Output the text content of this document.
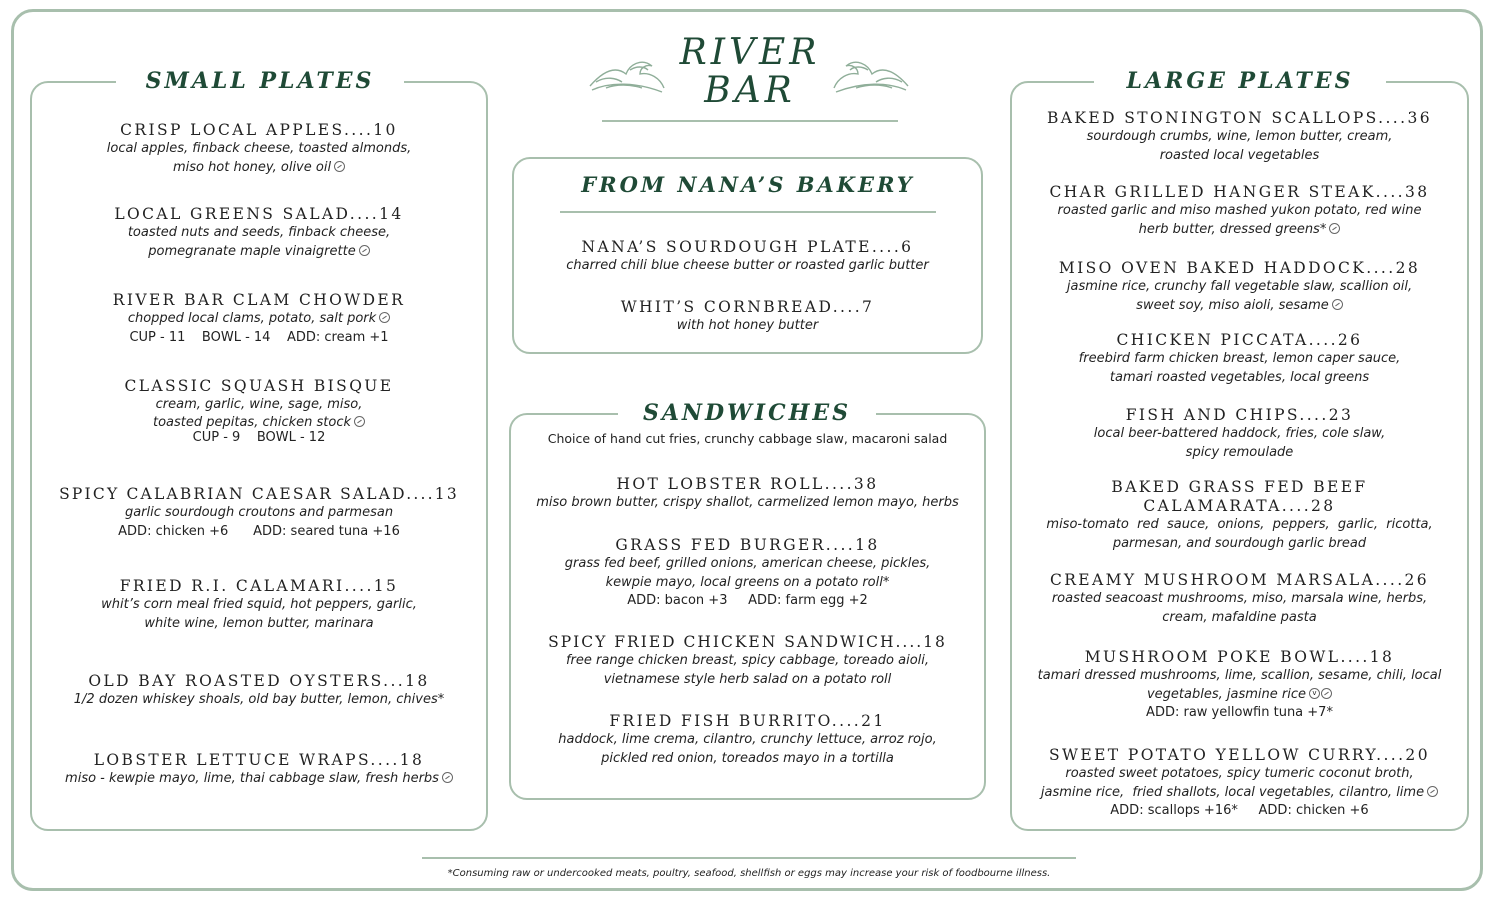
RIVER
BAR
SMALL PLATES
CRISP LOCAL APPLES....10
local apples, finback cheese, toasted almonds,
miso hot honey, olive oil
LOCAL GREENS SALAD....14
toasted nuts and seeds, finback cheese,
pomegranate maple vinaigrette
RIVER BAR CLAM CHOWDER
chopped local clams, potato, salt pork
CUP - 11    BOWL - 14    ADD: cream +1
CLASSIC SQUASH BISQUE
cream, garlic, wine, sage, miso,
toasted pepitas, chicken stock
CUP - 9    BOWL - 12
SPICY CALABRIAN CAESAR SALAD....13
garlic sourdough croutons and parmesan
ADD: chicken +6      ADD: seared tuna +16
FRIED R.I. CALAMARI....15
whit’s corn meal fried squid, hot peppers, garlic,
white wine, lemon butter, marinara
OLD BAY ROASTED OYSTERS...18
1/2 dozen whiskey shoals, old bay butter, lemon, chives*
LOBSTER LETTUCE WRAPS....18
miso - kewpie mayo, lime, thai cabbage slaw, fresh herbs
FROM NANA’S BAKERY
NANA’S SOURDOUGH PLATE....6
charred chili blue cheese butter or roasted garlic butter
WHIT’S CORNBREAD....7
with hot honey butter
SANDWICHES
Choice of hand cut fries, crunchy cabbage slaw, macaroni salad
HOT LOBSTER ROLL....38
miso brown butter, crispy shallot, carmelized lemon mayo, herbs
GRASS FED BURGER....18
grass fed beef, grilled onions, american cheese, pickles,
kewpie mayo, local greens on a potato roll*
ADD: bacon +3     ADD: farm egg +2
SPICY FRIED CHICKEN SANDWICH....18
free range chicken breast, spicy cabbage, toreado aioli,
vietnamese style herb salad on a potato roll
FRIED FISH BURRITO....21
haddock, lime crema, cilantro, crunchy lettuce, arroz rojo,
pickled red onion, toreados mayo in a tortilla
LARGE PLATES
BAKED STONINGTON SCALLOPS....36
sourdough crumbs, wine, lemon butter, cream,
roasted local vegetables
CHAR GRILLED HANGER STEAK....38
roasted garlic and miso mashed yukon potato, red wine
herb butter, dressed greens*
MISO OVEN BAKED HADDOCK....28
jasmine rice, crunchy fall vegetable slaw, scallion oil,
sweet soy, miso aioli, sesame
CHICKEN PICCATA....26
freebird farm chicken breast, lemon caper sauce,
tamari roasted vegetables, local greens
FISH AND CHIPS....23
local beer-battered haddock, fries, cole slaw,
spicy remoulade
BAKED GRASS FED BEEF
CALAMARATA....28
miso-tomato  red  sauce,  onions,  peppers,  garlic,  ricotta,
parmesan, and sourdough garlic bread
CREAMY MUSHROOM MARSALA....26
roasted seacoast mushrooms, miso, marsala wine, herbs,
cream, mafaldine pasta
MUSHROOM POKE BOWL....18
tamari dressed mushrooms, lime, scallion, sesame, chili, local
vegetables, jasmine rice v
ADD: raw yellowfin tuna +7*
SWEET POTATO YELLOW CURRY....20
roasted sweet potatoes, spicy tumeric coconut broth,
jasmine rice,  fried shallots, local vegetables, cilantro, lime
ADD: scallops +16*     ADD: chicken +6
*Consuming raw or undercooked meats, poultry, seafood, shellfish or eggs may increase your risk of foodbourne illness.
